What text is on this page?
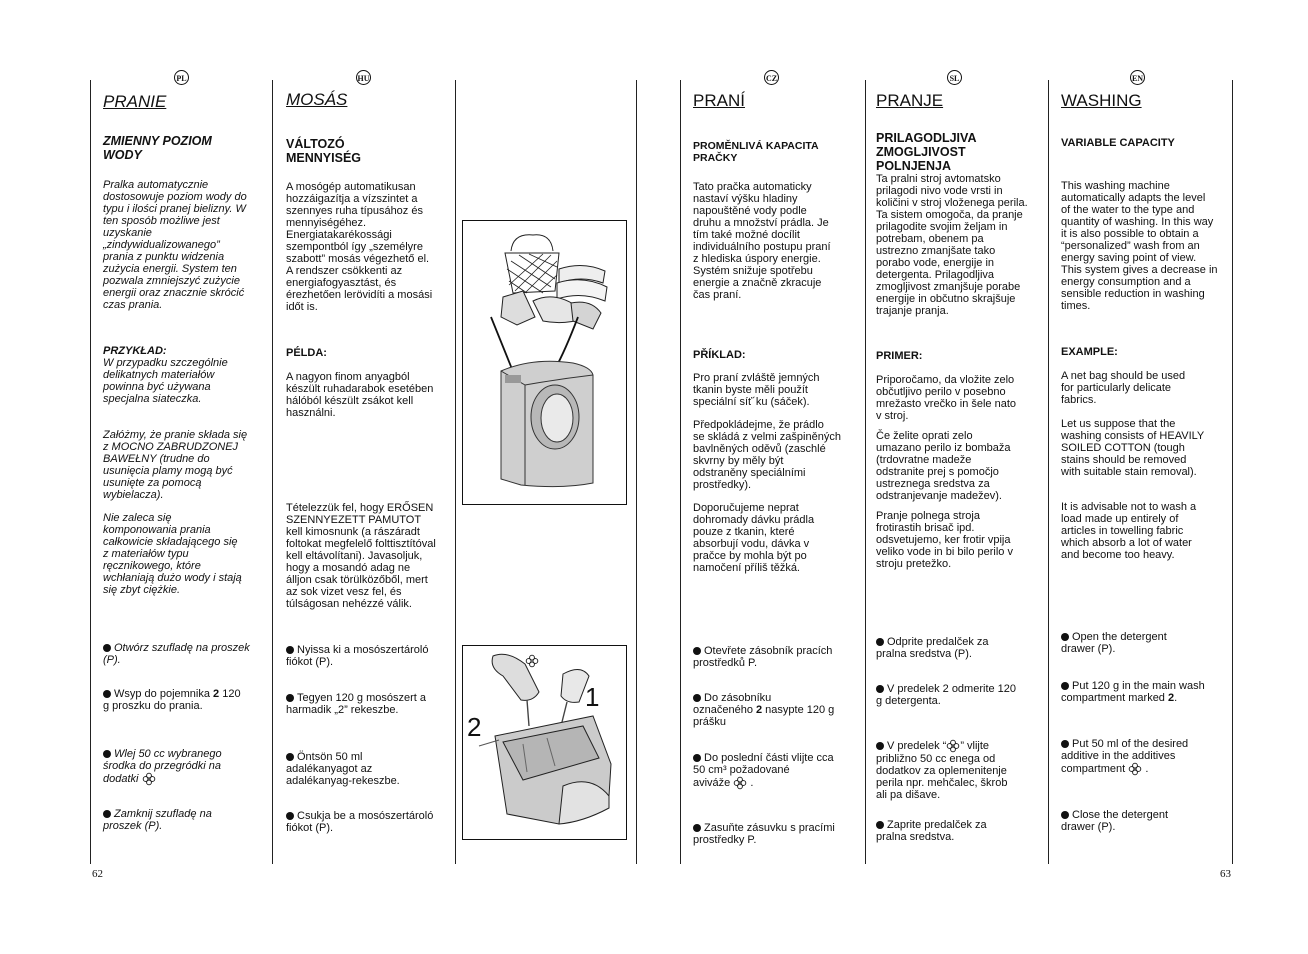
PL	HU	CZ	SL	EN
PRANIE

ZMIENNY POZIOM
WODY

Pralka automatycznie
dostosowuje poziom wody do
typu i ilości pranej bielizny. W
ten sposób możliwe jest
uzyskanie
„zindywidualizowanego”
prania z punktu widzenia
zużycia energii. System ten
pozwala zmniejszyć zużycie
energii oraz znacznie skrócić
czas prania.

PRZYKŁAD:

W przypadku szczególnie
delikatnych materiałów
powinna być używana
specjalna siateczka.

Załóżmy, że pranie składa się
z MOCNO ZABRUDZONEJ
BAWEŁNY (trudne do
usunięcia plamy mogą być
usunięte za pomocą
wybielacza).

Nie zaleca się
komponowania prania
całkowicie składającego się
z materiałów typu
ręcznikowego, które
wchłaniają dużo wody i stają
się zbyt ciężkie.

Otwórz szufladę na proszek
(P).

Wsyp do pojemnika 2 120
g proszku do prania.

Wlej 50 cc wybranego
środka do przegródki na
dodatki

Zamknij szufladę na
proszek (P).

MOSÁS

VÁLTOZÓ
MENNYISÉG

A mosógép automatikusan
hozzáigazítja a vízszintet a
szennyes ruha típusához és
mennyiségéhez.
Energiatakarékossági
szempontból így „személyre
szabott” mosás végezhető el.
A rendszer csökkenti az
energiafogyasztást, és
érezhetően lerövidíti a mosási
időt is.

PÉLDA:

A nagyon finom anyagból
készült ruhadarabok esetében
hálóból készült zsákot kell
használni.

Tételezzük fel, hogy ERŐSEN
SZENNYEZETT PAMUTOT
kell kimosnunk (a rászáradt
foltokat megfelelő folttisztítóval
kell eltávolítani). Javasoljuk,
hogy a mosandó adag ne
álljon csak törülközőből, mert
az sok vizet vesz fel, és
túlságosan nehézzé válik.

Nyissa ki a mosószertároló
fiókot (P).

Tegyen 120 g mosószert a
harmadik „2” rekeszbe.

Öntsön 50 ml
adalékanyagot az
adalékanyag-rekeszbe.

Csukja be a mosószertároló
fiókot (P).

1
2
PRANÍ

PROMĚNLIVÁ KAPACITA
PRAČKY

Tato pračka automaticky
nastaví výšku hladiny
napouštěné vody podle
druhu a množství prádla. Je
tím také možné docílit
individuálního postupu praní
z hlediska úspory energie.
Systém snižuje spotřebu
energie a značně zkracuje
čas praní.

PŘÍKLAD:

Pro praní zvláště jemných
tkanin byste měli použít
speciální síť´ku (sáček).

Předpokládejme, že prádlo
se skládá z velmi zašpiněných
bavlněných oděvů (zaschlé
skvrny by měly být
odstraněny speciálními
prostředky).

Doporučujeme neprat
dohromady dávku prádla
pouze z tkanin, které
absorbují vodu, dávka v
pračce by mohla být po
namočení příliš těžká.

Otevřete zásobník pracích
prostředků P.

Do zásobníku
označeného 2 nasypte 120 g
prášku

Do poslední části vlijte cca
50 cm³ požadované
aviváže  .

Zasuňte zásuvku s pracími
prostředky P.

PRANJE

PRILAGODLJIVA
ZMOGLJIVOST
POLNJENJA

Ta pralni stroj avtomatsko
prilagodi nivo vode vrsti in
količini v stroj vloženega perila.
Ta sistem omogoča, da pranje
prilagodite svojim željam in
potrebam, obenem pa
ustrezno zmanjšate tako
porabo vode, energije in
detergenta. Prilagodljiva
zmogljivost zmanjšuje porabe
energije in občutno skrajšuje
trajanje pranja.

PRIMER:

Priporočamo, da vložite zelo
občutljivo perilo v posebno
mrežasto vrečko in šele nato
v stroj.

Če želite oprati zelo
umazano perilo iz bombaža
(trdovratne madeže
odstranite prej s pomočjo
ustreznega sredstva za
odstranjevanje madežev).

Pranje polnega stroja
frotirastih brisač ipd.
odsvetujemo, ker frotir vpija
veliko vode in bi bilo perilo v
stroju pretežko.

Odprite predalček za
pralna sredstva (P).

V predelek 2 odmerite 120
g detergenta.

V predelek “ ” vlijte
približno 50 cc enega od
dodatkov za oplemenitenje
perila npr. mehčalec, škrob
ali pa dišave.

Zaprite predalček za
pralna sredstva.

WASHING

VARIABLE CAPACITY

This washing machine
automatically adapts the level
of the water to the type and
quantity of washing. In this way
it is also possible to obtain a
“personalized” wash from an
energy saving point of view.
This system gives a decrease in
energy consumption and a
sensible reduction in washing
times.

EXAMPLE:

A net bag should be used
for particularly delicate
fabrics.

Let us suppose that the
washing consists of HEAVILY
SOILED COTTON (tough
stains should be removed
with suitable stain removal).

It is advisable not to wash a
load made up entirely of
articles in towelling fabric
which absorb a lot of water
and become too heavy.

Open the detergent
drawer (P).

Put 120 g in the main wash
compartment marked 2.

Put 50 ml of the desired
additive in the additives
compartment  .

Close the detergent
drawer (P).

62	63
